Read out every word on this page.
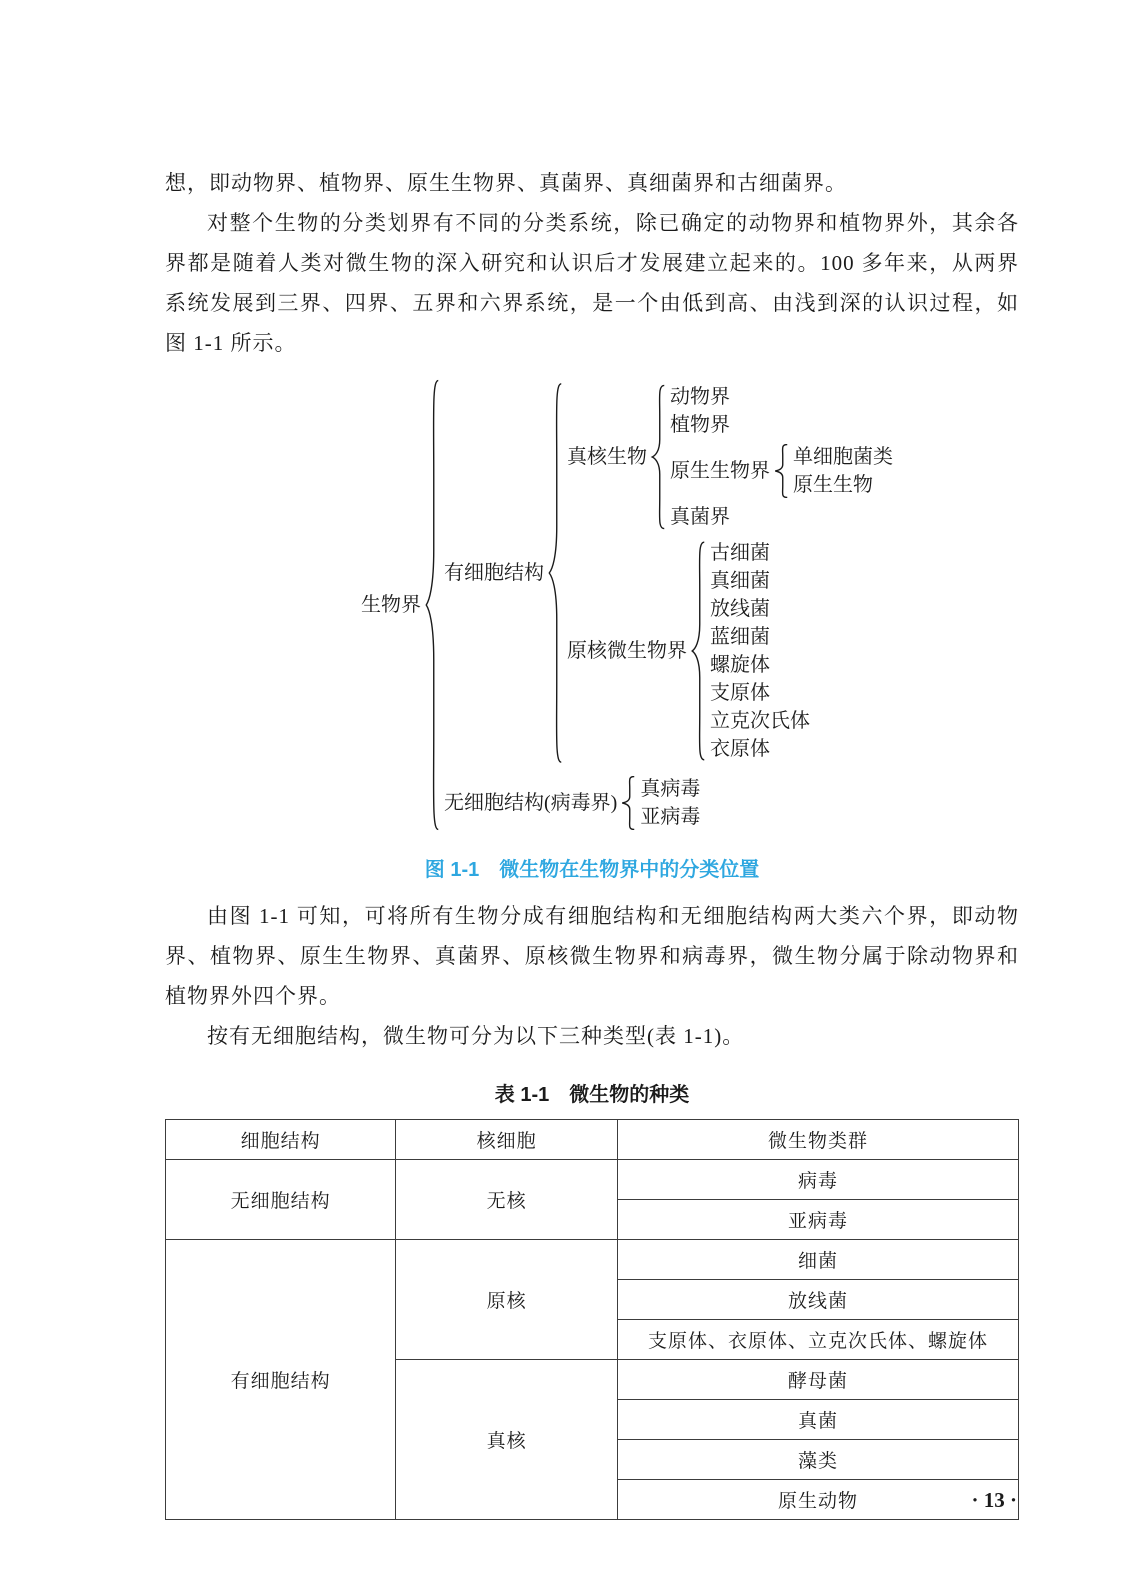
想，即动物界、植物界、原生生物界、真菌界、真细菌界和古细菌界。

对整个生物的分类划界有不同的分类系统，除已确定的动物界和植物界外，其余各界都是随着人类对微生物的深入研究和认识后才发展建立起来的。100 多年来，从两界系统发展到三界、四界、五界和六界系统，是一个由低到高、由浅到深的认识过程，如图 1-1 所示。

生物界
有细胞结构
真核生物
动物界
植物界
原生生物界
单细胞菌类
原生生物
真菌界
原核微生物界
古细菌
真细菌
放线菌
蓝细菌
螺旋体
支原体
立克次氏体
衣原体
无细胞结构(病毒界)
真病毒
亚病毒
图 1-1　微生物在生物界中的分类位置

由图 1-1 可知，可将所有生物分成有细胞结构和无细胞结构两大类六个界，即动物界、植物界、原生生物界、真菌界、原核微生物界和病毒界，微生物分属于除动物界和植物界外四个界。

按有无细胞结构，微生物可分为以下三种类型(表 1-1)。

表 1-1　微生物的种类
细胞结构	核细胞	微生物类群
无细胞结构	无核	病毒
		亚病毒
有细胞结构	原核	细菌
		放线菌
		支原体、衣原体、立克次氏体、螺旋体
	真核	酵母菌
		真菌
		藻类
		原生动物	· 13 ·
